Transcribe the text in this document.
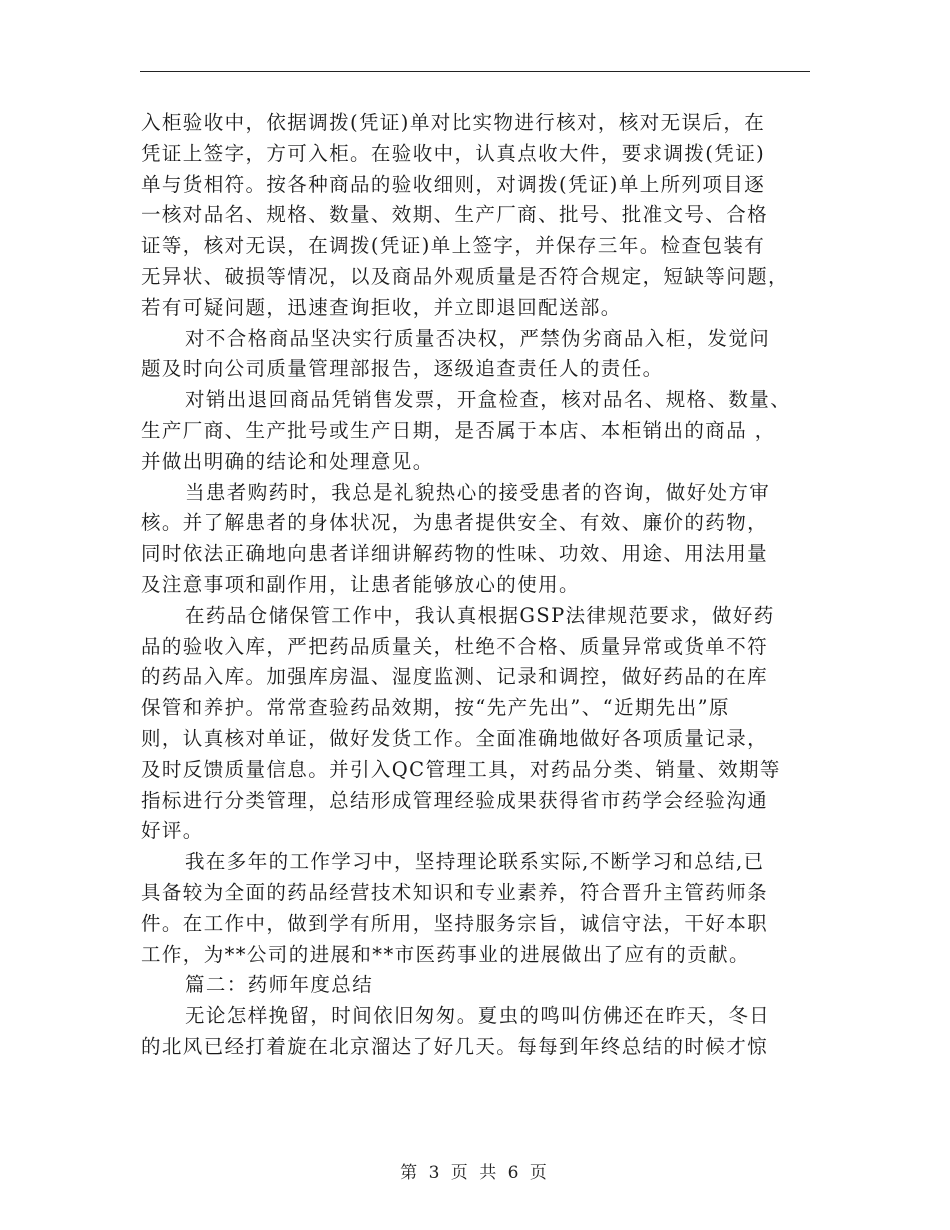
入柜验收中，依据调拨(凭证)单对比实物进行核对，核对无误后，在
凭证上签字，方可入柜。在验收中，认真点收大件，要求调拨(凭证)
单与货相符。按各种商品的验收细则，对调拨(凭证)单上所列项目逐
一核对品名、规格、数量、效期、生产厂商、批号、批准文号、合格
证等，核对无误，在调拨(凭证)单上签字，并保存三年。检查包装有
无异状、破损等情况，以及商品外观质量是否符合规定，短缺等问题，
若有可疑问题，迅速查询拒收，并立即退回配送部。
对不合格商品坚决实行质量否决权，严禁伪劣商品入柜，发觉问
题及时向公司质量管理部报告，逐级追查责任人的责任。
对销出退回商品凭销售发票，开盒检查，核对品名、规格、数量、
生产厂商、生产批号或生产日期，是否属于本店、本柜销出的商品 ，
并做出明确的结论和处理意见。
当患者购药时，我总是礼貌热心的接受患者的咨询，做好处方审
核。并了解患者的身体状况，为患者提供安全、有效、廉价的药物，
同时依法正确地向患者详细讲解药物的性味、功效、用途、用法用量
及注意事项和副作用，让患者能够放心的使用。
在药品仓储保管工作中，我认真根据GSP法律规范要求，做好药
品的验收入库，严把药品质量关，杜绝不合格、质量异常或货单不符
的药品入库。加强库房温、湿度监测、记录和调控，做好药品的在库
保管和养护。常常查验药品效期，按“先产先出”、“近期先出”原
则，认真核对单证，做好发货工作。全面准确地做好各项质量记录，
及时反馈质量信息。并引入QC管理工具，对药品分类、销量、效期等
指标进行分类管理，总结形成管理经验成果获得省市药学会经验沟通
好评。
我在多年的工作学习中，坚持理论联系实际,不断学习和总结,已
具备较为全面的药品经营技术知识和专业素养，符合晋升主管药师条
件。在工作中，做到学有所用，坚持服务宗旨，诚信守法，干好本职
工作，为**公司的进展和**市医药事业的进展做出了应有的贡献。
篇二：药师年度总结
无论怎样挽留，时间依旧匆匆。夏虫的鸣叫仿佛还在昨天，冬日
的北风已经打着旋在北京溜达了好几天。每每到年终总结的时候才惊
第 3 页 共 6 页
